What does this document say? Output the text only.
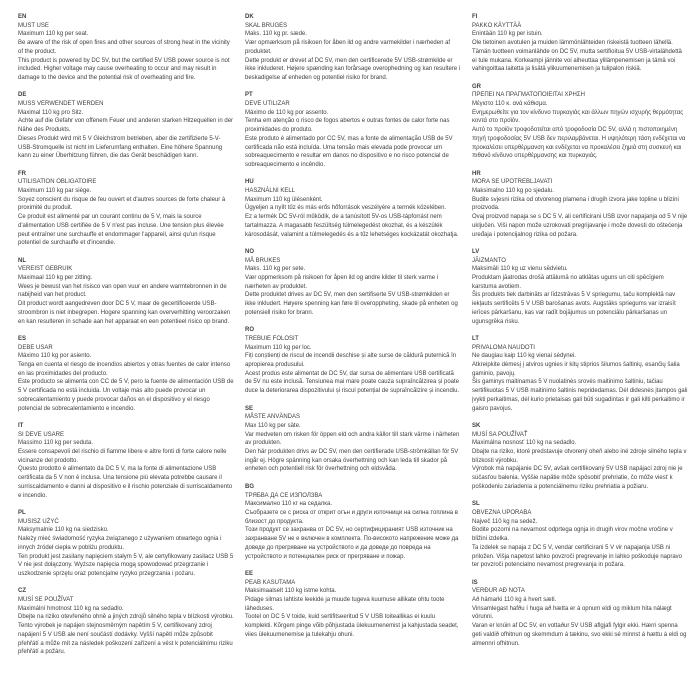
EN
MUST USE

Maximum 110 kg per seat.

Be aware of the risk of open fires and other sources of strong heat in the vicinity of the product.

This product is powered by DC 5V, but the certified 5V USB power source is not included. Higher voltage may cause overheating to occur and may result in damage to the device and the potential risk of overheating and fire.

DE
MUSS VERWENDET WERDEN

Maximal 110 kg pro Sitz.

Achte auf die Gefahr von offenem Feuer und anderen starken Hitzequellen in der Nähe des Produkts.

Dieses Produkt wird mit 5 V Gleichstrom betrieben, aber die zertifizierte 5-V-USB-Stromquelle ist nicht im Lieferumfang enthalten. Eine höhere Spannung kann zu einer Überhitzung führen, die das Gerät beschädigen kann.

FR
UTILISATION OBLIGATOIRE

Maximum 110 kg par siège.

Soyez conscient du risque de feu ouvert et d'autres sources de forte chaleur à proximité du produit.

Ce produit est alimenté par un courant continu de 5 V, mais la source d'alimentation USB certifiée de 5 V n'est pas incluse. Une tension plus élevée peut entraîner une surchauffe et endommager l'appareil, ainsi qu'un risque potentiel de surchauffe et d'incendie.

NL
VEREIST GEBRUIK

Maximaal 110 kg per zitting.

Wees je bewust van het risisco van open vuur en andere warmtebronnen in de nabijheid van het product.

Dit product wordt aangedreven door DC 5 V, maar de gecertificeerde USB-stroombron is niet inbegrepen. Hogere spanning kan oververhitting veroorzaken en kan resulteren in schade aan het apparaat en een potentieel risico op brand.

ES
DEBE USAR

Máximo 110 kg por asiento.

Tenga en cuenta el riesgo de incendios abiertos y otras fuentes de calor intenso en las proximidades del producto.

Este producto se alimenta con CC de 5 V, pero la fuente de alimentación USB de 5 V certificada no está incluida. Un voltaje más alto puede provocar un sobrecalentamiento y puede provocar daños en el dispositivo y el riesgo potencial de sobrecalentamiento e incendio.

IT
SI DEVE USARE

Massimo 110 kg per seduta.

Essere consapevoli del rischio di fiamme libere e altre fonti di forte calore nelle vicinanze del prodotto.

Questo prodotto è alimentato da DC 5 V, ma la fonte di alimentazione USB certificata da 5 V non è inclusa. Una tensione più elevata potrebbe causare il surriscaldamento e danni al dispositivo e il rischio potenziale di surriscaldamento e incendio.

PL
MUSISZ UŻYĆ

Maksymalnie 110 kg na siedzisko.

Należy mieć świadomość ryzyka związanego z używaniem otwartego ognia i innych źródeł ciepła w pobliżu produktu.

Ten produkt jest zasilany napięciem stałym 5 V, ale certyfikowany zasilacz USB 5 V nie jest dołączony. Wyższe napięcia mogą spowodować przegrzanie i uszkodzenie sprzętu oraz potencjalne ryzyko przegrzania i pożaru.

CZ
MUSÍ SE POUŽÍVAT

Maximální hmotnost 110 kg na sedadlo.

Dbejte na riziko otevřeného ohně a jiných zdrojů silného tepla v blízkosti výrobku.

Tento výrobek je napájen stejnosměrným napětím 5 V, certifikovaný zdroj napájení 5 V USB ale není součástí dodávky. Vyšší napětí může způsobit přehřátí a může mít za následek poškození zařízení a vést k potenciálnímu riziku přehřátí a požáru.

DK
SKAL BRUGES

Maks. 110 kg pr. sæde.

Vær opmærksom på risikoen for åben ild og andre varmekilder i nærheden af produktet.

Dette produkt er drevet af DC 5V, men den certificerede 5V USB-strømkilde er ikke inkluderet. Højere spænding kan forårsage overophedning og kan resultere i beskadigelse af enheden og potentiel risiko for brand.

PT
DEVE UTILIZAR

Máximo de 110 kg por assento.

Tenha em atenção o risco de fogos abertos e outras fontes de calor forte nas proximidades do produto.

Este produto é alimentado por CC 5V, mas a fonte de alimentação USB de 5V certificada não está incluída. Uma tensão mais elevada pode provocar um sobreaquecimento e resultar em danos no dispositivo e no risco potencial de sobreaquecimento e incêndio.

HU
HASZNÁLNI KELL

Maximum 110 kg ülésenként.

Ügyeljen a nyílt tűz és más erős hőforrások veszélyére a termék közelében.

Ez a termék DC 5V-ról működik, de a tanúsított 5V-os USB-tápforrást nem tartalmazza. A magasabb feszültség túlmelegedést okozhat, és a készülék károsodását, valamint a túlmelegedés és a tűz lehetséges kockázatát okozhatja.

NO
MÅ BRUKES

Maks. 110 kg per sete.

Vær oppmerksom på risikoen for åpen ild og andre kilder til sterk varme i nærheten av produktet.

Dette produktet drives av DC 5V, men den sertifiserte 5V USB-strømkilden er ikke inkludert. Høyere spenning kan føre til overoppheting, skade på enheten og potensiell risiko for brann.

RO
TREBUIE FOLOSIT

Maximum 110 kg per loc.

Fiți conștienți de riscul de incendii deschise și alte surse de căldură puternică în apropierea produsului.

Acest produs este alimentat de DC 5V, dar sursa de alimentare USB certificată de 5V nu este inclusă. Tensiunea mai mare poate cauza supraîncălzirea și poate duce la deteriorarea dispozitivului și riscul potențial de supraîncălzire și incendiu.

SE
MÅSTE ANVÄNDAS

Max 110 kg per säte.

Var medveten om risken för öppen eld och andra källor till stark värme i närheten av produkten.

Den här produkten drivs av DC 5V, men den certifierade USB-strömkällan för 5V ingår ej. Högre spänning kan orsaka överhettning och kan leda till skador på enheten och potentiell risk för överhettning och eldsvåda.

BG
ТРЯБВА ДА СЕ ИЗПОЛЗВА

Максимално 110 кг на седалка.

Съобразете се с риска от открит огън и други източници на силна топлина в близост до продукта.

Този продукт се захранва от DC 5V, но сертифицираният USB източник на захранване 5V не е включен в комплекта. По-високото напрежение може да доведе до прегряване на устройството и да доведе до повреда на устройството и потенциален риск от прегряване и пожар.

EE
PEAB KASUTAMA

Maksimaalselt 110 kg istme kohta.

Pidage silmas lahtiste leekide ja muude tugeva kuumuse allikate ohtu toote läheduses.

Tootel on DC 5 V toide, kuid sertifitseeritud 5 V USB toiteallikas ei kuulu komplekti. Kõrgem pinge võib põhjustada ülekuumenemist ja kahjustada seadet, viies ülekuumenemise ja tulekahju ohuni.

FI
PAKKO KÄYTTÄÄ

Enintään 110 kg per istuin.

Ole tietoinen avotulen ja muiden lämmönlähteiden riskeistä tuotteen lähellä.

Tämän tuotteen voimanlähde on DC 5V, mutta sertifioitua 5V USB-virtalähdettä ei tule mukana. Korkeampi jännite voi aiheuttaa ylilämpenemisen ja tämä voi vahingoittaa laitetta ja lisätä ylikuumenemisen ja tulipalon riskiä.

GR
ΠΡΕΠΕΙ ΝΑ ΠΡΑΓΜΑΤΟΠΟΙΕΙΤΑΙ ΧΡΗΣΗ

Μέγιστο 110 κ. ανά κάθισμα.

Ενημερωθείτε για τον κίνδυνο πυρκαγιάς και άλλων πηγών ισχυρής θερμότητας κοντά στο προϊόν.

Αυτό το προϊόν τροφοδοτείται από τροφοδοσία DC 5V, αλλά η πιστοποιημένη πηγή τροφοδοσίας 5V USB δεν περιλαμβάνεται. Η υψηλότερη τάση ενδέχεται να προκαλέσει υπερθέρμανση και ενδέχεται να προκαλέσει ζημιά στη συσκευή και πιθανό κίνδυνο υπερθέρμανσης και πυρκαγιάς.

HR
MORA SE UPOTREBLJAVATI

Maksimalno 110 kg po sjedalu.

Budite svjesni rizika od otvorenog plamena i drugih izvora jake topline u blizini proizvoda.

Ovaj proizvod napaja se s DC 5 V, ali certificirani USB izvor napajanja od 5 V nije uključen. Viši napon može uzrokovati pregrijavanje i može dovesti do oštećenja uređaja i potencijalnog rizika od požara.

LV
JĀIZMANTO

Maksimāli 110 kg uz vienu sēdvietu.

Produktam jāatrodas drošā attālumā no atklātas uguns un citi spēcīgiem karstuma avotiem.

Šis produkts tiek darbināts ar līdzstrāvas 5 V spriegumu, taču komplektā nav iekļauts sertificēts 5 V USB barošanas avots. Augstāks spriegums var izraisīt ierīces pārkaršanu, kas var radīt bojājumus un potenciālu pārkaršanas un ugunsgrēka risku.

LT
PRIVALOMA NAUDOTI

Ne daugiau kaip 110 kg vienai sėdynei.

Atkreipkite dėmesį į atviros ugnies ir kitų stiprios šilumos šaltinių, esančių šalia gaminio, pavojų.

Šis gaminys maitinamas 5 V nuolatinės srovės maitinimo šaltiniu, tačiau sertifikuotas 5 V USB maitinimo šaltinis nepridedamas. Dėl didesnės įtampos gali įvykti perkaitimas, dėl kurio prietaisas gali būti sugadintas ir gali kilti perkaitimo ir gaisro pavojus.

SK
MUSÍ SA POUŽÍVAŤ

Maximálna nosnosť 110 kg na sedadlo.

Dbajte na riziko, ktoré predstavuje otvorený oheň alebo iné zdroje silného tepla v blízkosti výrobku.

Výrobok má napájanie DC 5V, avšak certifikovaný 5V USB napájací zdroj nie je súčasťou balenia. Vyššie napätie môže spôsobiť prehriatie, čo môže viesť k poškodeniu zariadenia a potenciálnemu riziku prehriatia a požiaru.

SL
OBVEZNA UPORABA

Največ 110 kg na sedež.

Bodite pozorni na nevarnost odprtega ognja in drugih virov močne vročine v bližini izdelka.

Ta izdelek se napaja z DC 5 V, vendar certificirani 5 V vir napajanja USB ni priložen. Višja napetost lahko povzroči pregrevanje in lahko poškoduje napravo ter povzroči potencialno nevarnost pregrevanja in požara.

IS
VERÐUR AÐ NOTA

Að hámarki 110 kg á hvert sæti.

Vinsamlegast hafðu í huga að hætta er á opnum eldi og miklum hita nálægt vörunni.

Varan er knúin af DC 5V, en vottaður 5V USB aflgjafi fylgir ekki. Hærri spenna geti valdið ofhitnun og skemmdum á tækinu, svo ekki sé minnst á hættu á eldi og almennri ofhitnun.
